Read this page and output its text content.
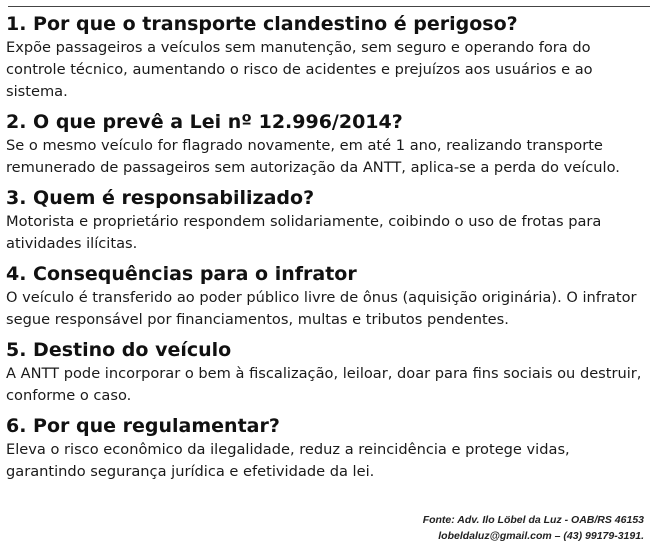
1. Por que o transporte clandestino é perigoso?

Expõe passageiros a veículos sem manutenção, sem seguro e operando fora do controle técnico, aumentando o risco de acidentes e prejuízos aos usuários e ao sistema.

2. O que prevê a Lei nº 12.996/2014?

Se o mesmo veículo for flagrado novamente, em até 1 ano, realizando transporte remunerado de passageiros sem autorização da ANTT, aplica-se a perda do veículo.

3. Quem é responsabilizado?

Motorista e proprietário respondem solidariamente, coibindo o uso de frotas para atividades ilícitas.

4. Consequências para o infrator

O veículo é transferido ao poder público livre de ônus (aquisição originária). O infrator segue responsável por financiamentos, multas e tributos pendentes.

5. Destino do veículo

A ANTT pode incorporar o bem à fiscalização, leiloar, doar para fins sociais ou destruir, conforme o caso.

6. Por que regulamentar?

Eleva o risco econômico da ilegalidade, reduz a reincidência e protege vidas, garantindo segurança jurídica e efetividade da lei.

Fonte: Adv. Ilo Löbel da Luz - OAB/RS 46153
lobeldaluz@gmail.com – (43) 99179-3191.
